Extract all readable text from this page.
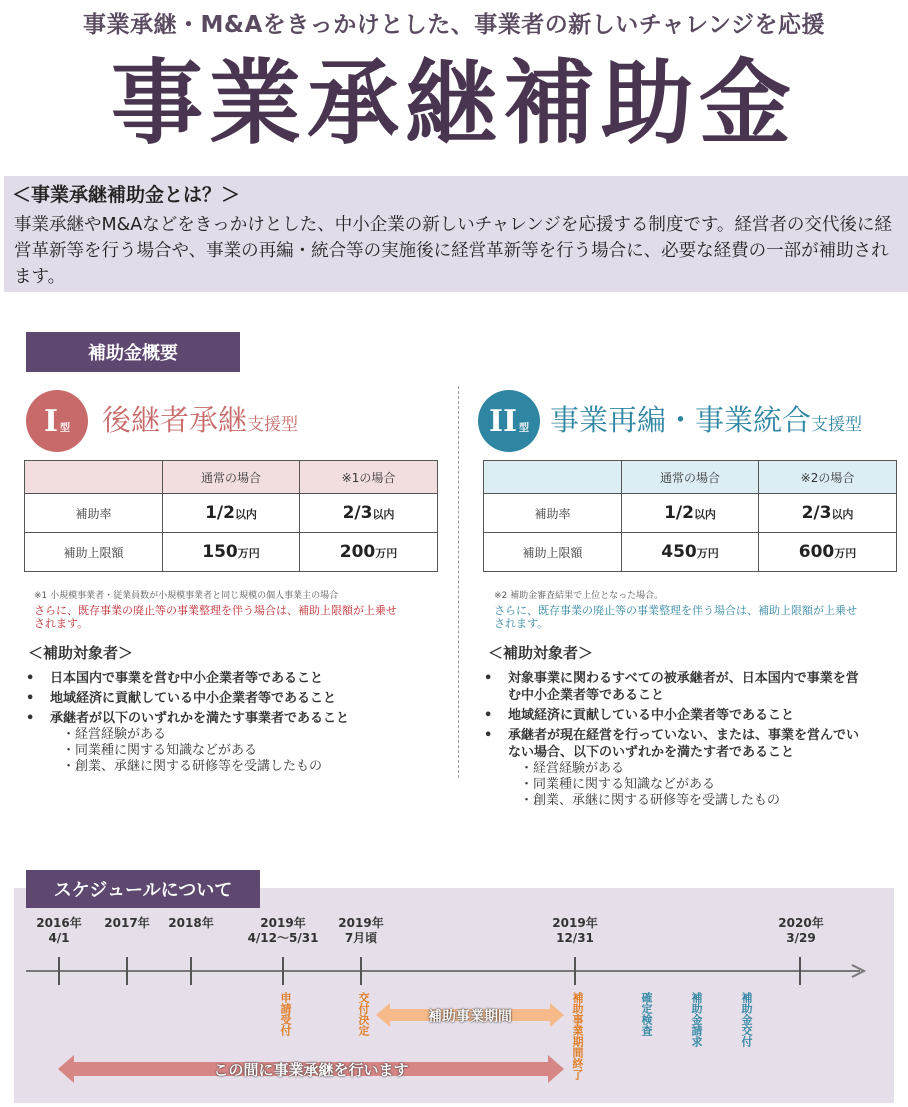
事業承継・M&Aをきっかけとした、事業者の新しいチャレンジを応援
事業承継補助金
＜事業承継補助金とは？＞
事業承継やM&Aなどをきっかけとした、中小企業の新しいチャレンジを応援する制度です。経営者の交代後に経営革新等を行う場合や、事業の再編・統合等の実施後に経営革新等を行う場合に、必要な経費の一部が補助されます。
補助金概要
I 型 後継者承継支援型
	通常の場合	※1の場合
補助率	1/2以内	2/3以内
補助上限額	150万円	200万円
※1 小規模事業者・従業員数が小規模事業者と同じ規模の個人事業主の場合
さらに、既存事業の廃止等の事業整理を伴う場合は、補助上限額が上乗せされます。
＜補助対象者＞
• 日本国内で事業を営む中小企業者等であること
• 地域経済に貢献している中小企業者等であること
• 承継者が以下のいずれかを満たす事業者であること
・経営経験がある
・同業種に関する知識などがある
・創業、承継に関する研修等を受講したもの
II 型 事業再編・事業統合支援型
	通常の場合	※2の場合
補助率	1/2以内	2/3以内
補助上限額	450万円	600万円
※2 補助金審査結果で上位となった場合。
さらに、既存事業の廃止等の事業整理を伴う場合は、補助上限額が上乗せされます。
＜補助対象者＞
• 対象事業に関わるすべての被承継者が、日本国内で事業を営む中小企業者等であること
• 地域経済に貢献している中小企業者等であること
• 承継者が現在経営を行っていない、または、事業を営んでいない場合、以下のいずれかを満たす者であること
・経営経験がある
・同業種に関する知識などがある
・創業、承継に関する研修等を受講したもの
スケジュールについて
2016年
4/1
2017年	2018年	2019年
4/12～5/31
2019年
7月頃
2019年
12/31
2020年
3/29
申請受付	交付決定	補助事業期間終了	確定検査	補助金請求	補助金交付
補助事業期間
この間に事業承継を行います
